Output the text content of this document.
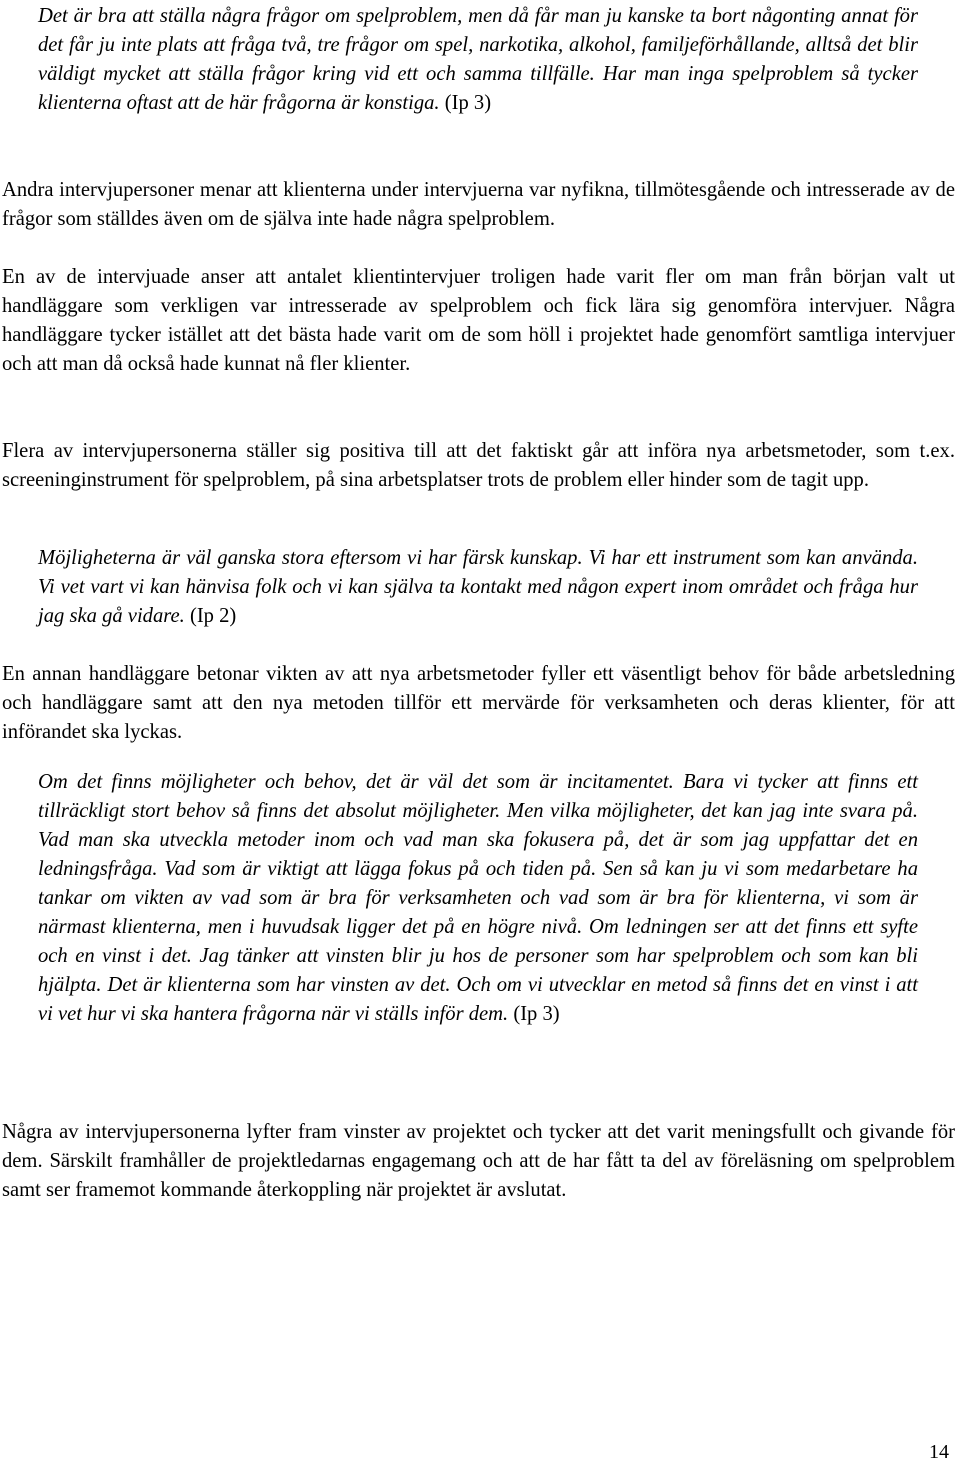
Det är bra att ställa några frågor om spelproblem, men då får man ju kanske ta bort någonting annat för det får ju inte plats att fråga två, tre frågor om spel, narkotika, alkohol, familjeförhållande, alltså det blir väldigt mycket att ställa frågor kring vid ett och samma tillfälle. Har man inga spelproblem så tycker klienterna oftast att de här frågorna är konstiga. (Ip 3)

Andra intervjupersoner menar att klienterna under intervjuerna var nyfikna, tillmötesgående och intresserade av de frågor som ställdes även om de själva inte hade några spelproblem.

En av de intervjuade anser att antalet klientintervjuer troligen hade varit fler om man från början valt ut handläggare som verkligen var intresserade av spelproblem och fick lära sig genomföra intervjuer. Några handläggare tycker istället att det bästa hade varit om de som höll i projektet hade genomfört samtliga intervjuer och att man då också hade kunnat nå fler klienter.

Flera av intervjupersonerna ställer sig positiva till att det faktiskt går att införa nya arbetsmetoder, som t.ex. screeninginstrument för spelproblem, på sina arbetsplatser trots de problem eller hinder som de tagit upp.

Möjligheterna är väl ganska stora eftersom vi har färsk kunskap. Vi har ett instrument som kan använda. Vi vet vart vi kan hänvisa folk och vi kan själva ta kontakt med någon expert inom området och fråga hur jag ska gå vidare. (Ip 2)

En annan handläggare betonar vikten av att nya arbetsmetoder fyller ett väsentligt behov för både arbetsledning och handläggare samt att den nya metoden tillför ett mervärde för verksamheten och deras klienter, för att införandet ska lyckas.

Om det finns möjligheter och behov, det är väl det som är incitamentet. Bara vi tycker att finns ett tillräckligt stort behov så finns det absolut möjligheter. Men vilka möjligheter, det kan jag inte svara på. Vad man ska utveckla metoder inom och vad man ska fokusera på, det är som jag uppfattar det en ledningsfråga. Vad som är viktigt att lägga fokus på och tiden på. Sen så kan ju vi som medarbetare ha tankar om vikten av vad som är bra för verksamheten och vad som är bra för klienterna, vi som är närmast klienterna, men i huvudsak ligger det på en högre nivå. Om ledningen ser att det finns ett syfte och en vinst i det. Jag tänker att vinsten blir ju hos de personer som har spelproblem och som kan bli hjälpta. Det är klienterna som har vinsten av det. Och om vi utvecklar en metod så finns det en vinst i att vi vet hur vi ska hantera frågorna när vi ställs inför dem. (Ip 3)

Några av intervjupersonerna lyfter fram vinster av projektet och tycker att det varit meningsfullt och givande för dem. Särskilt framhåller de projektledarnas engagemang och att de har fått ta del av föreläsning om spelproblem samt ser framemot kommande återkoppling när projektet är avslutat.

14
